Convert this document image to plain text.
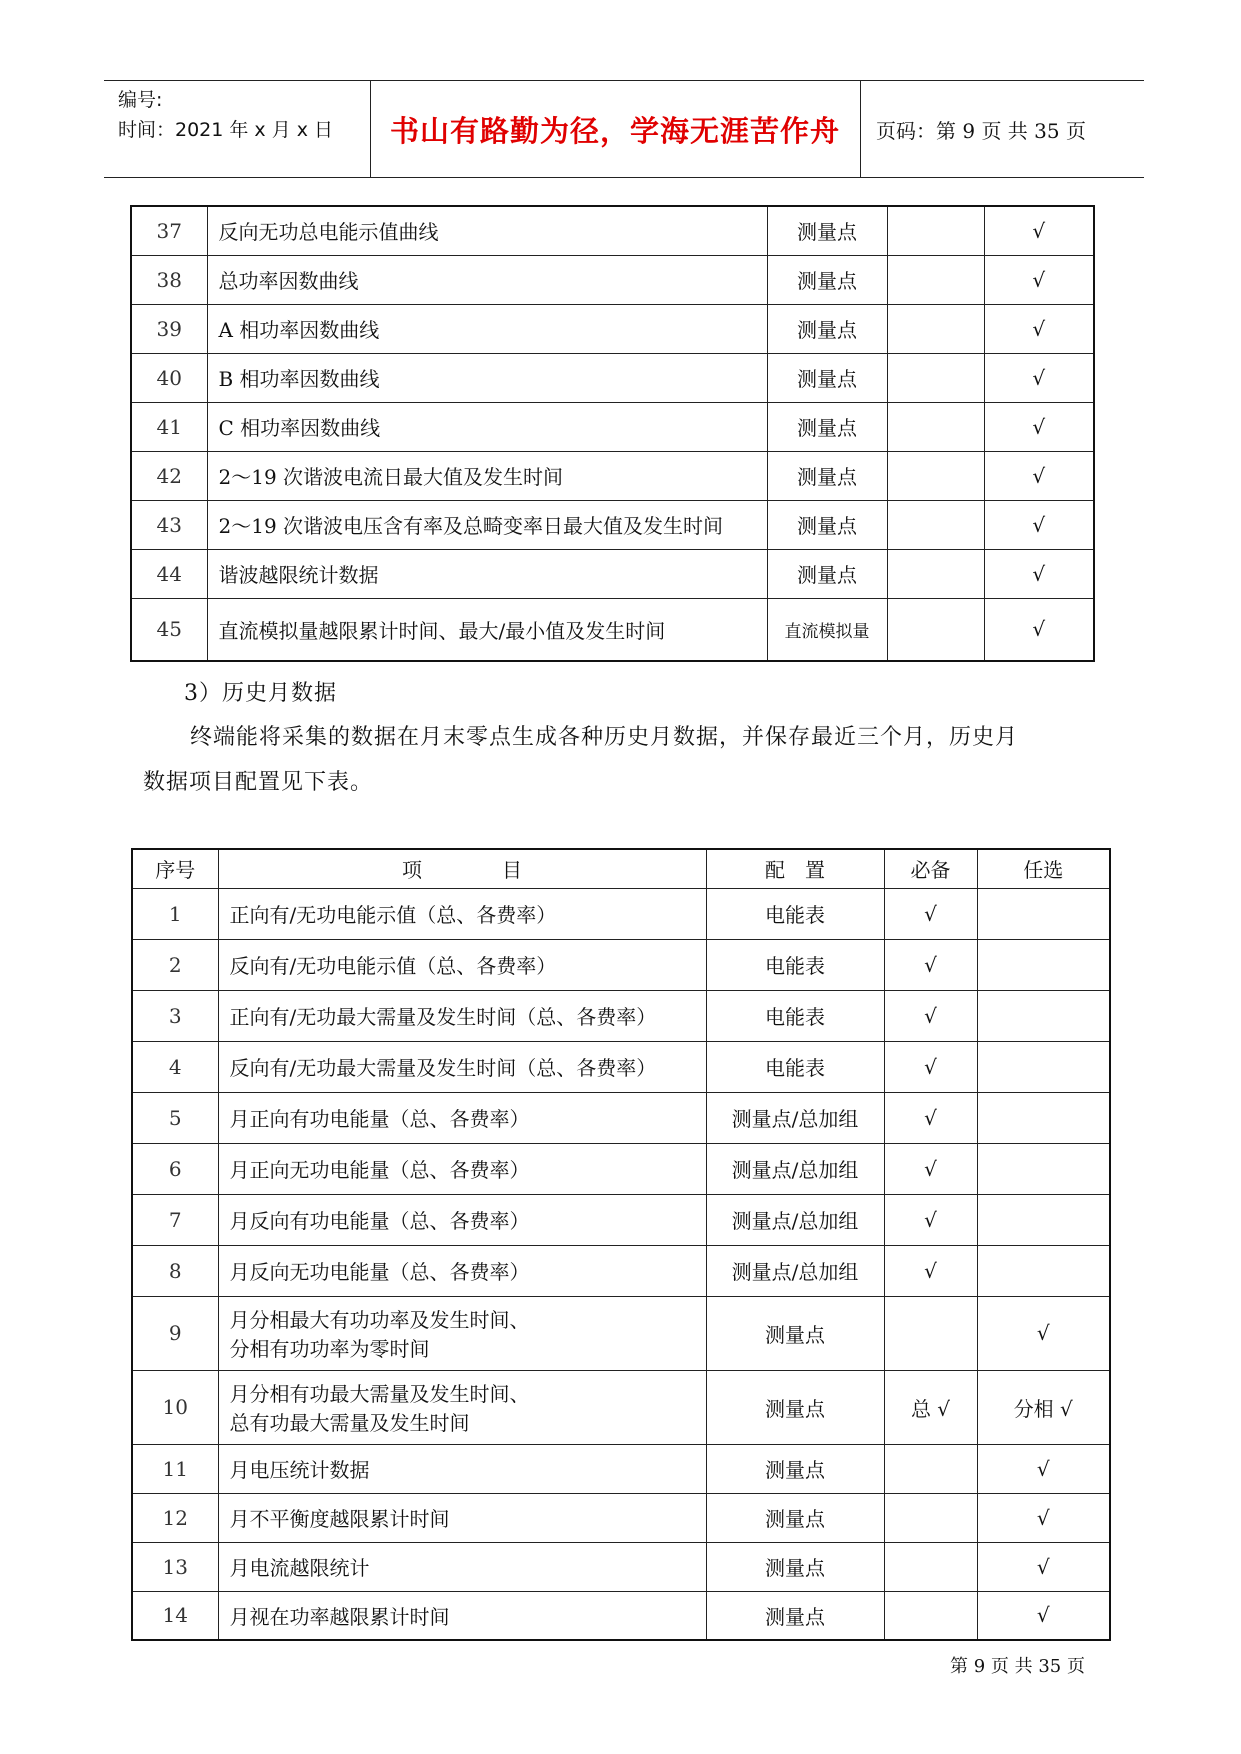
编号:
时间：2021 年 x 月 x 日 书山有路勤为径，学海无涯苦作舟 页码：第 9 页 共 35 页
37	反向无功总电能示值曲线	测量点		√
38	总功率因数曲线	测量点		√
39	A 相功率因数曲线	测量点		√
40	B 相功率因数曲线	测量点		√
41	C 相功率因数曲线	测量点		√
42	2～19 次谐波电流日最大值及发生时间	测量点		√
43	2～19 次谐波电压含有率及总畸变率日最大值及发生时间	测量点		√
44	谐波越限统计数据	测量点		√
45	直流模拟量越限累计时间、最大/最小值及发生时间	直流模拟量		√
3）历史月数据
终端能将采集的数据在月末零点生成各种历史月数据，并保存最近三个月，历史月
数据项目配置见下表。
序号	项　　　　目	配　置	必备	任选
1	正向有/无功电能示值（总、各费率）	电能表	√	
2	反向有/无功电能示值（总、各费率）	电能表	√	
3	正向有/无功最大需量及发生时间（总、各费率）	电能表	√	
4	反向有/无功最大需量及发生时间（总、各费率）	电能表	√	
5	月正向有功电能量（总、各费率）	测量点/总加组	√	
6	月正向无功电能量（总、各费率）	测量点/总加组	√	
7	月反向有功电能量（总、各费率）	测量点/总加组	√	
8	月反向无功电能量（总、各费率）	测量点/总加组	√	
9	月分相最大有功功率及发生时间、
分相有功功率为零时间	测量点		√
10	月分相有功最大需量及发生时间、
总有功最大需量及发生时间	测量点	总 √	分相 √
11	月电压统计数据	测量点		√
12	月不平衡度越限累计时间	测量点		√
13	月电流越限统计	测量点		√
14	月视在功率越限累计时间	测量点		√
第 9 页 共 35 页
